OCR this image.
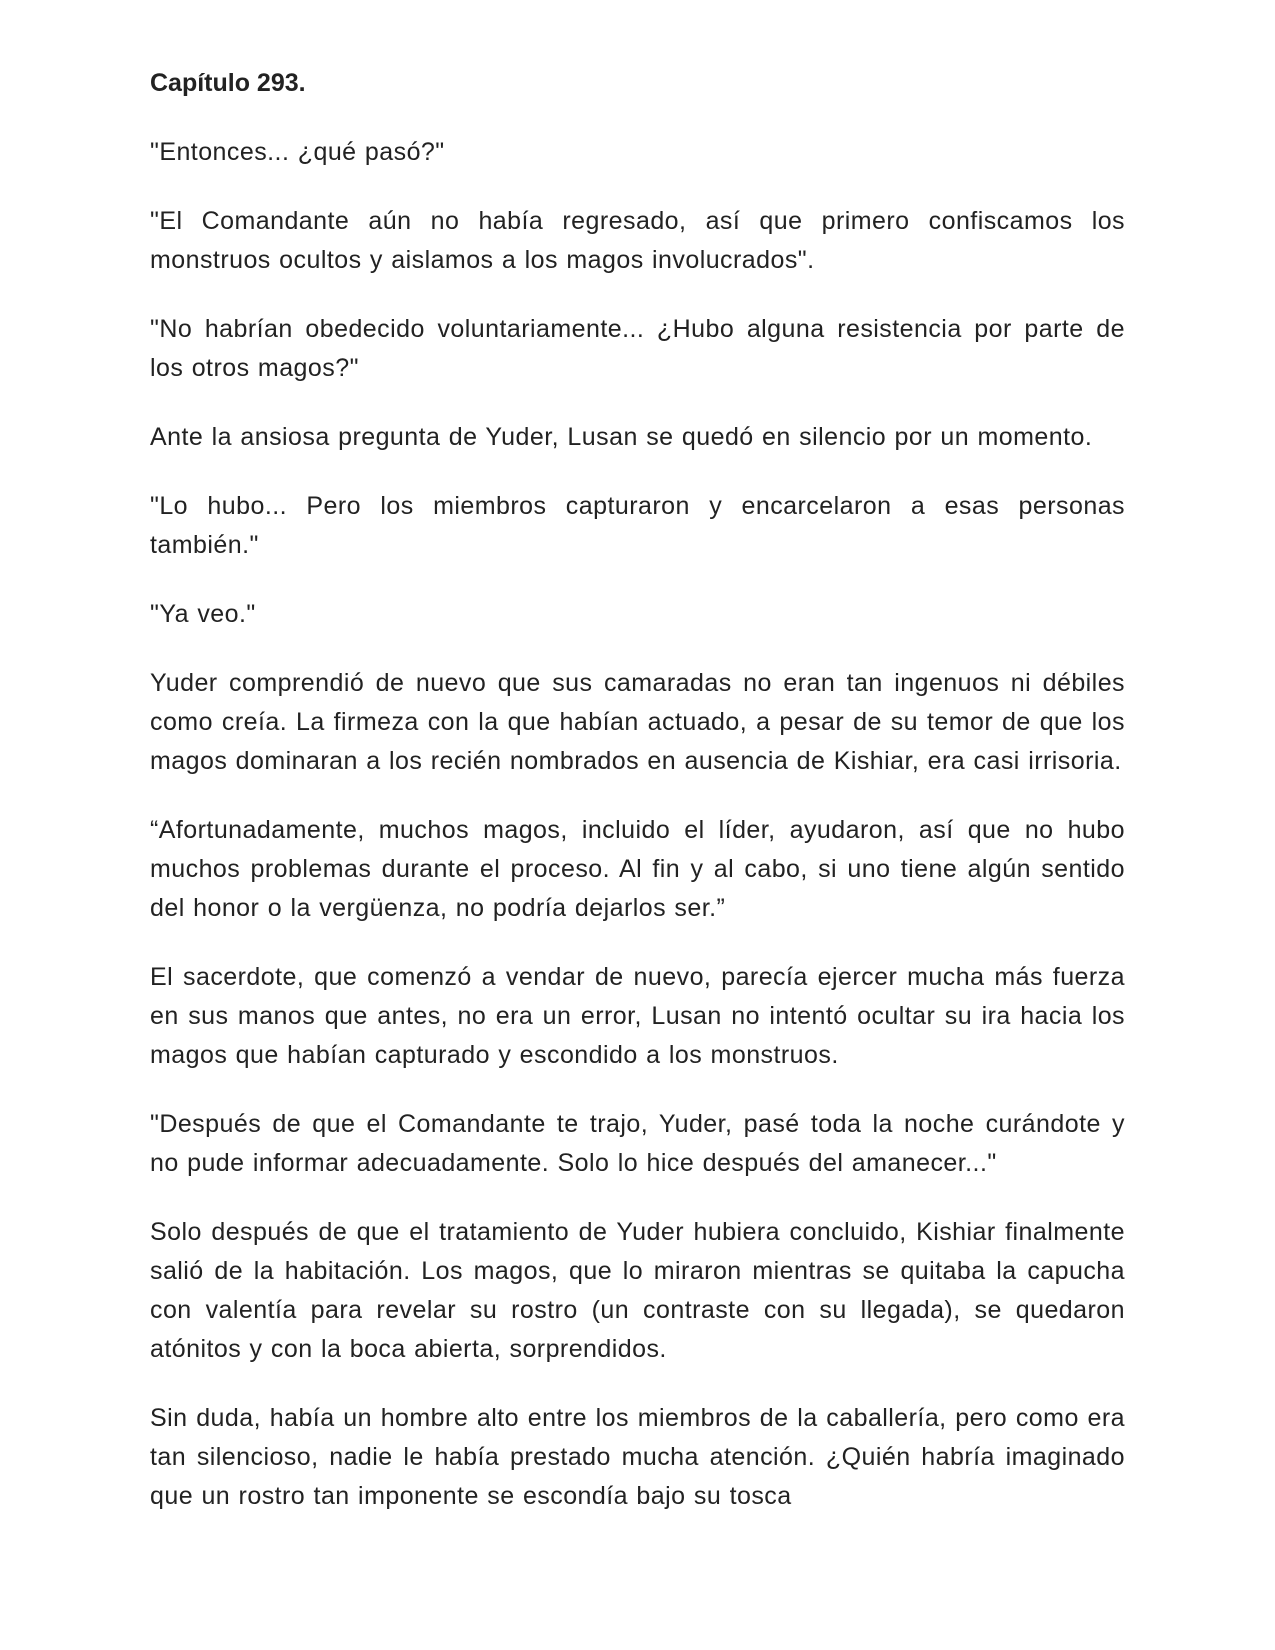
Capítulo 293.

"Entonces... ¿qué pasó?"

"El Comandante aún no había regresado, así que primero confiscamos los monstruos ocultos y aislamos a los magos involucrados".

"No habrían obedecido voluntariamente... ¿Hubo alguna resistencia por parte de los otros magos?"

Ante la ansiosa pregunta de Yuder, Lusan se quedó en silencio por un momento.

"Lo hubo... Pero los miembros capturaron y encarcelaron a esas personas también."

"Ya veo."

Yuder comprendió de nuevo que sus camaradas no eran tan ingenuos ni débiles como creía. La firmeza con la que habían actuado, a pesar de su temor de que los magos dominaran a los recién nombrados en ausencia de Kishiar, era casi irrisoria.

“Afortunadamente, muchos magos, incluido el líder, ayudaron, así que no hubo muchos problemas durante el proceso. Al fin y al cabo, si uno tiene algún sentido del honor o la vergüenza, no podría dejarlos ser.”

El sacerdote, que comenzó a vendar de nuevo, parecía ejercer mucha más fuerza en sus manos que antes, no era un error, Lusan no intentó ocultar su ira hacia los magos que habían capturado y escondido a los monstruos.

"Después de que el Comandante te trajo, Yuder, pasé toda la noche curándote y no pude informar adecuadamente. Solo lo hice después del amanecer..."

Solo después de que el tratamiento de Yuder hubiera concluido, Kishiar finalmente salió de la habitación. Los magos, que lo miraron mientras se quitaba la capucha con valentía para revelar su rostro (un contraste con su llegada), se quedaron atónitos y con la boca abierta, sorprendidos.

Sin duda, había un hombre alto entre los miembros de la caballería, pero como era tan silencioso, nadie le había prestado mucha atención. ¿Quién habría imaginado que un rostro tan imponente se escondía bajo su tosca
